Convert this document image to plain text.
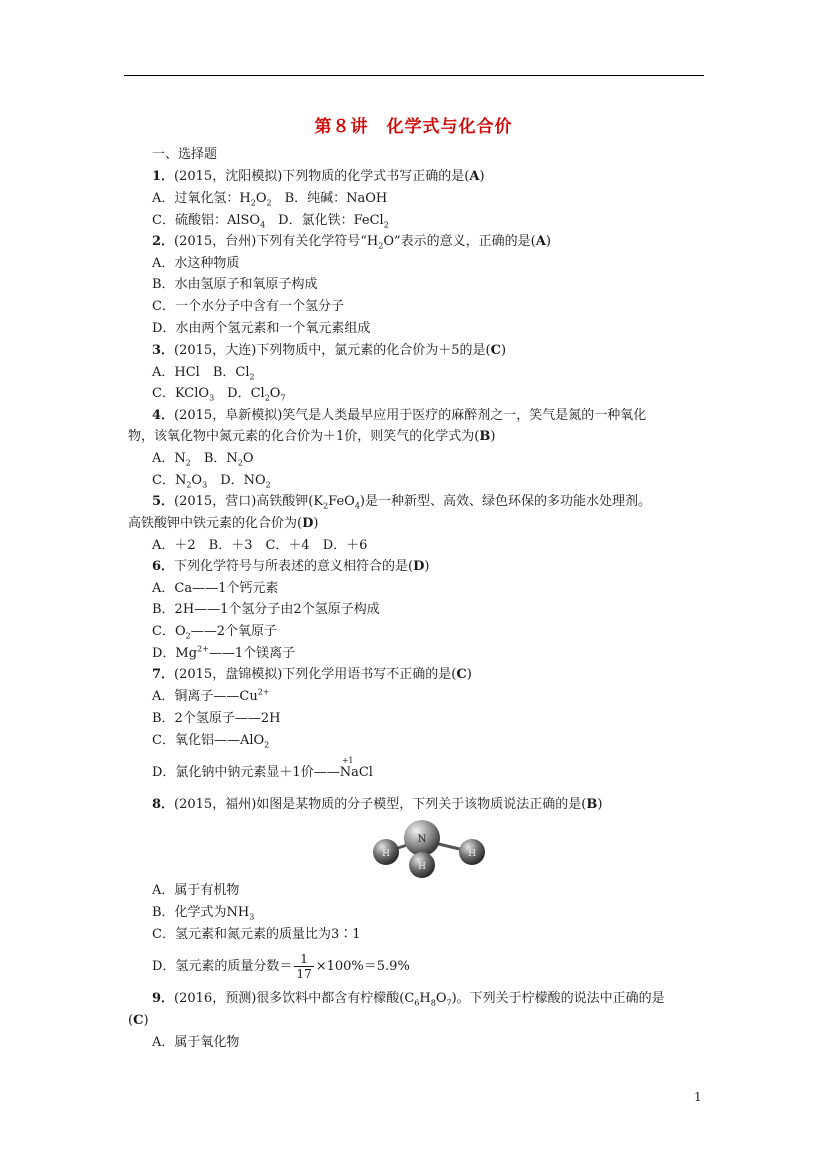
第８讲　化学式与化合价
一、选择题
1．(2015，沈阳模拟)下列物质的化学式书写正确的是(A)
A．过氧化氢：$H_2O_2$　B．纯碱：NaOH
C．硫酸铝：AlSO$_4$　D．氯化铁：FeCl$_2$
2．(2015，台州)下列有关化学符号“$H_2O$”表示的意义，正确的是(A)
A．水这种物质
B．水由氢原子和氧原子构成
C．一个水分子中含有一个氢分子
D．水由两个氢元素和一个氧元素组成
3．(2015，大连)下列物质中，氯元素的化合价为＋5的是(C)
A．HCl　B．$Cl_2$
C．KClO$_3$　D．$Cl_2O_7$
4．(2015，阜新模拟)笑气是人类最早应用于医疗的麻醉剂之一，笑气是氮的一种氧化
物，该氧化物中氮元素的化合价为＋1价，则笑气的化学式为(B)
A．$N_2$　B．$N_2O$
C．$N_2O_3$　D．$NO_2$
5．(2015，营口)高铁酸钾$(K_2FeO_4)$是一种新型、高效、绿色环保的多功能水处理剂。
高铁酸钾中铁元素的化合价为(D)
A．＋2　B．＋3　C．＋4　D．＋6
6．下列化学符号与所表述的意义相符合的是(D)
A．Ca——1个钙元素
B．2H——1个氢分子由2个氢原子构成
C．$O_2——2$个氧原子
D．$Mg^{2+}——1$个镁离子
7．(2015，盘锦模拟)下列化学用语书写不正确的是(C)
A．铜离子$——Cu^{2+}$
B．2个氢原子——2H
C．氧化铝——AlO$_2$
D．氯化钠中钠元素显＋1价——
+1
NaCl
8．(2015，福州)如图是某物质的分子模型，下列关于该物质说法正确的是(B)
N
H	H
H
A．属于有机物
B．化学式为$NH_3$
C．氢元素和氮元素的质量比为3∶1
D．氢元素的质量分数＝ $\frac{1}{17} \times 100\%=5.9\%$
9．(2016，预测)很多饮料中都含有柠檬酸$(C_6H_8O_7)$。下列关于柠檬酸的说法中正确的是
(C)
A．属于氧化物
1
